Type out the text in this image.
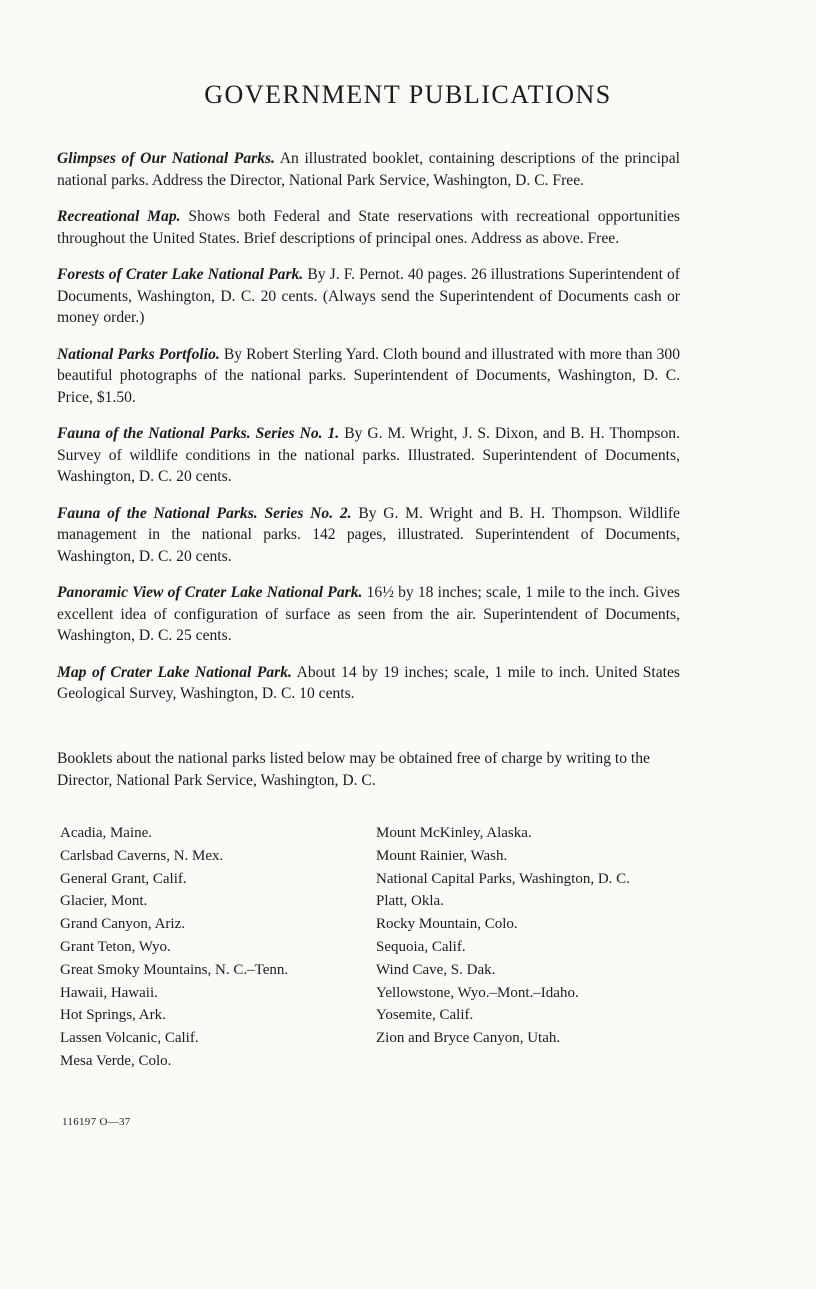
GOVERNMENT PUBLICATIONS

Glimpses of Our National Parks. An illustrated booklet, containing descriptions of the principal national parks. Address the Director, National Park Service, Washington, D. C. Free.

Recreational Map. Shows both Federal and State reservations with recreational opportunities throughout the United States. Brief descriptions of principal ones. Address as above. Free.

Forests of Crater Lake National Park. By J. F. Pernot. 40 pages. 26 illustrations Superintendent of Documents, Washington, D. C. 20 cents. (Always send the Superintendent of Documents cash or money order.)

National Parks Portfolio. By Robert Sterling Yard. Cloth bound and illustrated with more than 300 beautiful photographs of the national parks. Superintendent of Documents, Washington, D. C. Price, $1.50.

Fauna of the National Parks. Series No. 1. By G. M. Wright, J. S. Dixon, and B. H. Thompson. Survey of wildlife conditions in the national parks. Illustrated. Superintendent of Documents, Washington, D. C. 20 cents.

Fauna of the National Parks. Series No. 2. By G. M. Wright and B. H. Thompson. Wildlife management in the national parks. 142 pages, illustrated. Superintendent of Documents, Washington, D. C. 20 cents.

Panoramic View of Crater Lake National Park. 16½ by 18 inches; scale, 1 mile to the inch. Gives excellent idea of configuration of surface as seen from the air. Superintendent of Documents, Washington, D. C. 25 cents.

Map of Crater Lake National Park. About 14 by 19 inches; scale, 1 mile to inch. United States Geological Survey, Washington, D. C. 10 cents.

Booklets about the national parks listed below may be obtained free of charge by writing to the Director, National Park Service, Washington, D. C.

Acadia, Maine.
Carlsbad Caverns, N. Mex.
General Grant, Calif.
Glacier, Mont.
Grand Canyon, Ariz.
Grant Teton, Wyo.
Great Smoky Mountains, N. C.–Tenn.
Hawaii, Hawaii.
Hot Springs, Ark.
Lassen Volcanic, Calif.
Mesa Verde, Colo.
Mount McKinley, Alaska.
Mount Rainier, Wash.
National Capital Parks, Washington, D. C.
Platt, Okla.
Rocky Mountain, Colo.
Sequoia, Calif.
Wind Cave, S. Dak.
Yellowstone, Wyo.–Mont.–Idaho.
Yosemite, Calif.
Zion and Bryce Canyon, Utah.
116197 O—37
